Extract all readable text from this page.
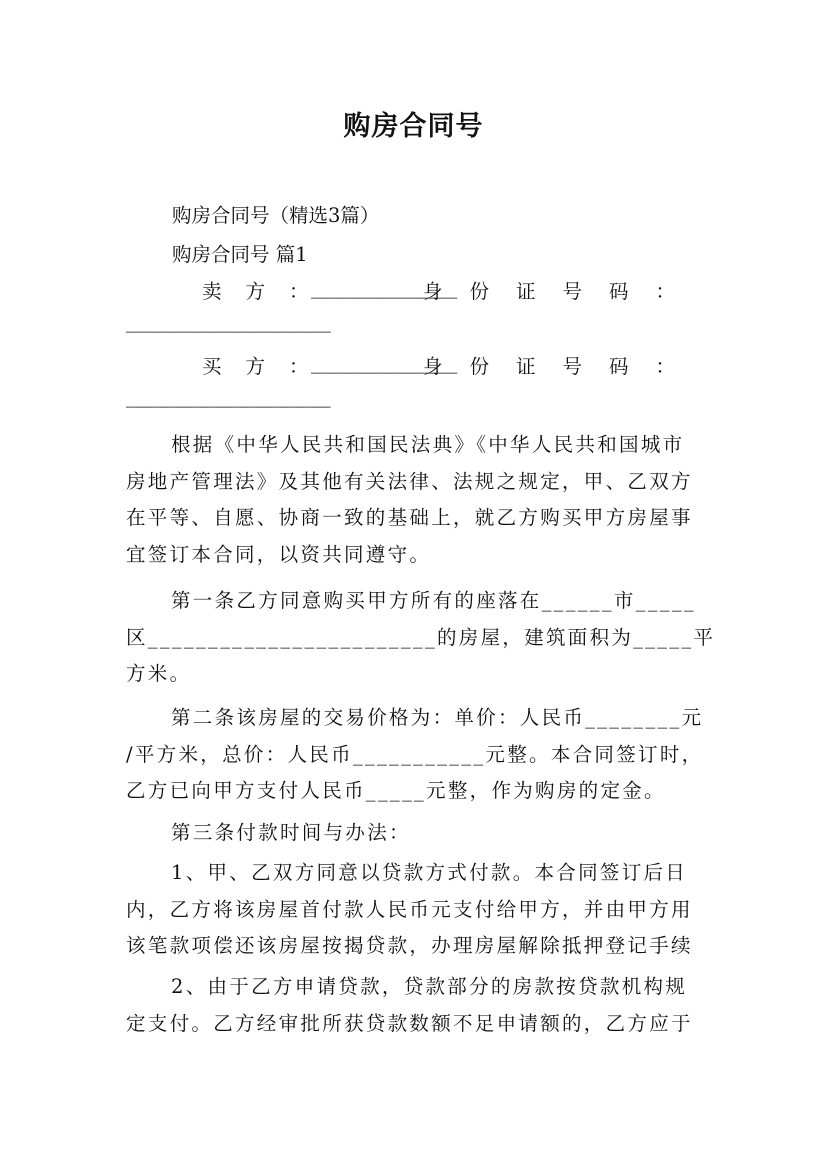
购房合同号
购房合同号（精选3篇）
购房合同号 篇1
卖方：
_______________
身份证号码：
_____________________
买方：
_______________
身份证号码：
_____________________
根据《中华人民共和国民法典》《中华人民共和国城市
房地产管理法》及其他有关法律、法规之规定，甲、乙双方
在平等、自愿、协商一致的基础上，就乙方购买甲方房屋事
宜签订本合同，以资共同遵守。
第一条乙方同意购买甲方所有的座落在______市_____
区________________________的房屋，建筑面积为_____平
方米。
第二条该房屋的交易价格为：单价：人民币________元
/平方米，总价：人民币___________元整。本合同签订时，
乙方已向甲方支付人民币_____元整，作为购房的定金。
第三条付款时间与办法：
1、甲、乙双方同意以贷款方式付款。本合同签订后日
内，乙方将该房屋首付款人民币元支付给甲方，并由甲方用
该笔款项偿还该房屋按揭贷款，办理房屋解除抵押登记手续
2、由于乙方申请贷款，贷款部分的房款按贷款机构规
定支付。乙方经审批所获贷款数额不足申请额的，乙方应于
